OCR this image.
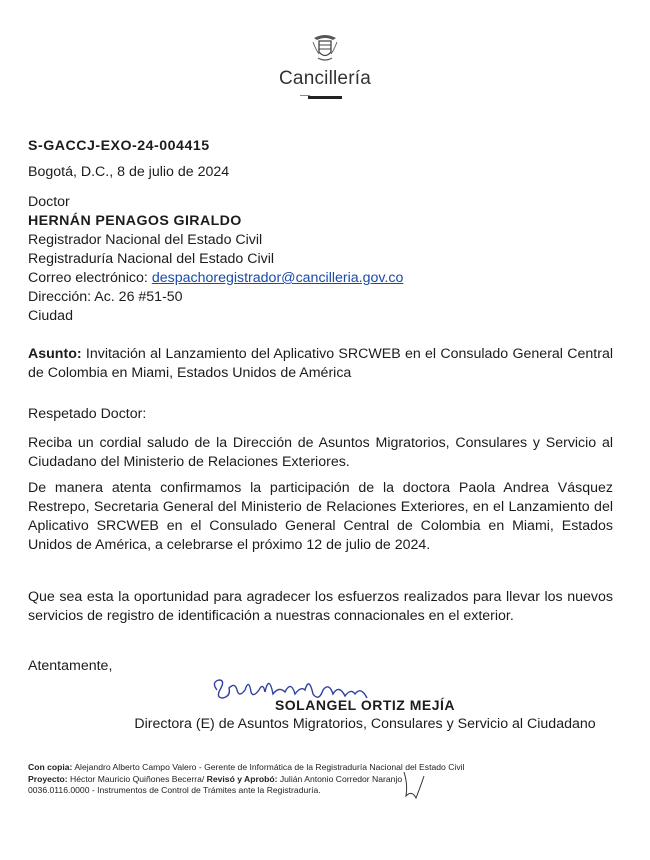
Cancillería
S-GACCJ-EXO-24-004415
Bogotá, D.C., 8 de julio de 2024
Doctor
HERNÁN PENAGOS GIRALDO
Registrador Nacional del Estado Civil
Registraduría Nacional del Estado Civil
Correo electrónico: despachoregistrador@cancilleria.gov.co
Dirección: Ac. 26 #51-50
Ciudad
Asunto: Invitación al Lanzamiento del Aplicativo SRCWEB en el Consulado General Central de Colombia en Miami, Estados Unidos de América
Respetado Doctor:
Reciba un cordial saludo de la Dirección de Asuntos Migratorios, Consulares y Servicio al Ciudadano del Ministerio de Relaciones Exteriores.
De manera atenta confirmamos la participación de la doctora Paola Andrea Vásquez Restrepo, Secretaria General del Ministerio de Relaciones Exteriores, en el Lanzamiento del Aplicativo SRCWEB en el Consulado General Central de Colombia en Miami, Estados Unidos de América, a celebrarse el próximo 12 de julio de 2024.
Que sea esta la oportunidad para agradecer los esfuerzos realizados para llevar los nuevos servicios de registro de identificación a nuestras connacionales en el exterior.
Atentamente,
SOLANGEL ORTIZ MEJÍA
Directora (E) de Asuntos Migratorios, Consulares y Servicio al Ciudadano
Con copia: Alejandro Alberto Campo Valero - Gerente de Informática de la Registraduría Nacional del Estado Civil
Proyecto: Héctor Mauricio Quiñones Becerra/ Revisó y Aprobó: Julián Antonio Corredor Naranjo
0036.0116.0000 - Instrumentos de Control de Trámites ante la Registraduría.
